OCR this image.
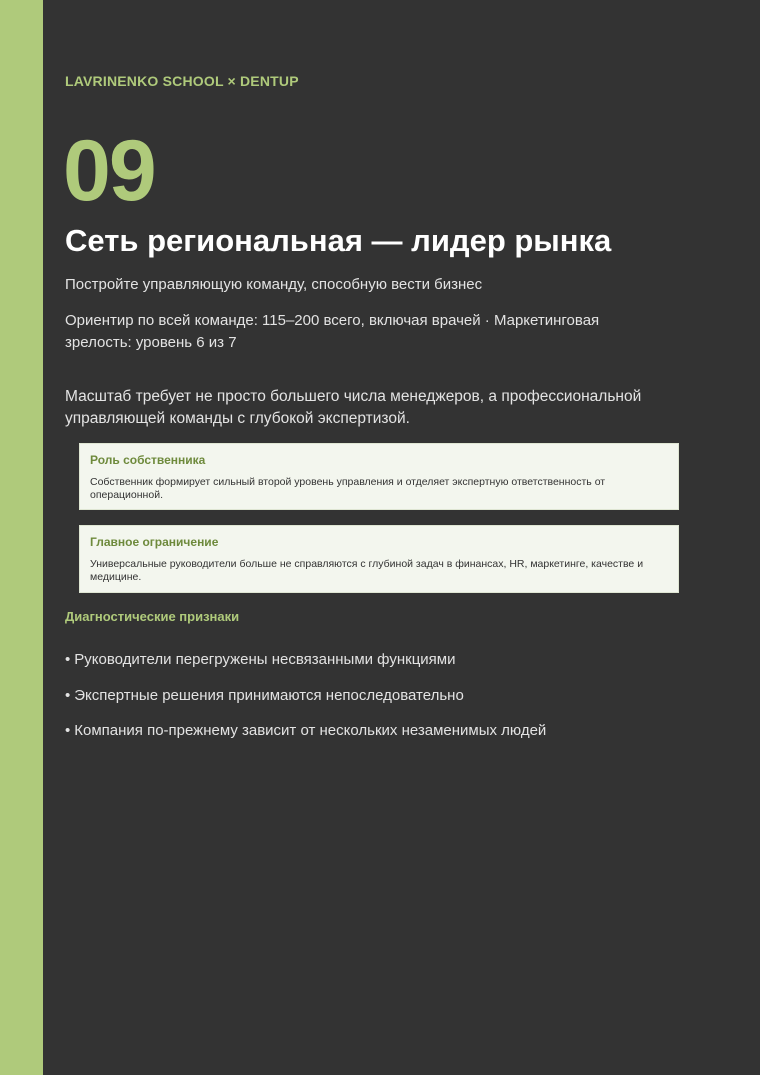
LAVRINENKO SCHOOL × DENTUP
09
Сеть региональная — лидер рынка
Постройте управляющую команду, способную вести бизнес
Ориентир по всей команде: 115–200 всего, включая врачей · Маркетинговая зрелость: уровень 6 из 7
Масштаб требует не просто большего числа менеджеров, а профессиональной управляющей команды с глубокой экспертизой.
Роль собственника
Собственник формирует сильный второй уровень управления и отделяет экспертную ответственность от операционной.
Главное ограничение
Универсальные руководители больше не справляются с глубиной задач в финансах, HR, маркетинге, качестве и медицине.
Диагностические признаки
• Руководители перегружены несвязанными функциями
• Экспертные решения принимаются непоследовательно
• Компания по-прежнему зависит от нескольких незаменимых людей
